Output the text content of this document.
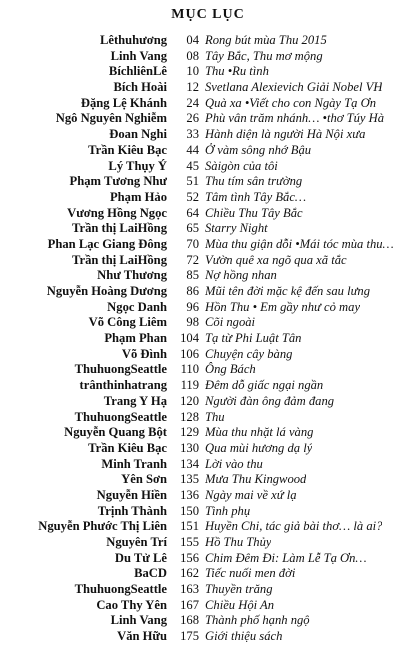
MỤC LỤC
Lêthuhương	04 Rong bút mùa Thu 2015
Linh Vang	08 Tây Bắc, Thu mơ mộng
BíchliênLê	10 Thu •Ru tình
Bích Hoài	12 Svetlana Alexievich Giải Nobel VH
Đặng Lệ Khánh	24 Quà xa •Viết cho con Ngày Tạ Ơn
Ngô Nguyên Nghiễm	26 Phù vân trăm nhánh… •thơ Túy Hà
Đoan Nghi	33 Hành diện là người Hà Nội xưa
Trần Kiêu Bạc	44 Ở vàm sông nhớ Bậu
Lý Thụy Ý	45 Sàigòn của tôi
Phạm Tương Như	51 Thu tím sân trường
Phạm Hảo	52 Tâm tình Tây Bắc…
Vương Hồng Ngọc	64 Chiều Thu Tây Bắc
Trần thị LaiHồng	65 Starry Night
Phan Lạc Giang Đông	70 Mùa thu giận dỗi •Mái tóc mùa thu…
Trần thị LaiHồng	72 Vườn quê xa ngõ qua xã tắc
Như Thương	85 Nợ hồng nhan
Nguyễn Hoàng Dương	86 Mũi tên đời mặc kệ đến sau lưng
Ngọc Danh	96 Hồn Thu • Em gầy như cỏ may
Võ Công Liêm	98 Cõi ngoài
Phạm Phan	104 Tạ từ Phi Luật Tân
Võ Đình	106 Chuyện cây bàng
ThuhuongSeattle	110 Ông Bách
trânthinhatrang	119 Đêm dỗ giấc ngại ngần
Trang Y Hạ	120 Người đàn ông đảm đang
ThuhuongSeattle	128 Thu
Nguyễn Quang Bột	129 Mùa thu nhặt lá vàng
Trần Kiêu Bạc	130 Qua mùi hương dạ lý
Minh Tranh	134 Lời vào thu
Yên Sơn	135 Mưa Thu Kingwood
Nguyễn Hiền	136 Ngày mai về xứ lạ
Trịnh Thành	150 Tình phụ
Nguyễn Phước Thị Liên	151 Huyền Chi, tác giả bài thơ… là ai?
Nguyên Trí	155 Hồ Thu Thủy
Du Tử Lê	156 Chim Đêm Đi: Làm Lễ Tạ Ơn…
BaCD	162 Tiếc nuối men đời
ThuhuongSeattle	163 Thuyền trăng
Cao Thy Yên	167 Chiều Hội An
Linh Vang	168 Thành phố hạnh ngộ
Văn Hữu	175 Giới thiệu sách
